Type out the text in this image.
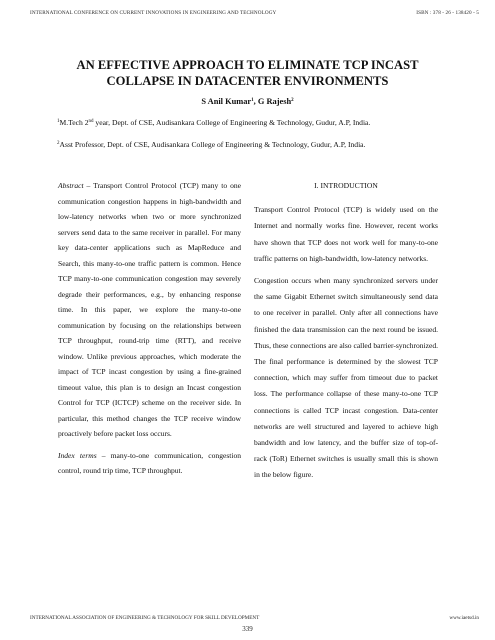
INTERNATIONAL CONFERENCE ON CURRENT INNOVATIONS IN ENGINEERING AND TECHNOLOGY	ISBN : 378 - 26 - 138420 - 5
AN EFFECTIVE APPROACH TO ELIMINATE TCP INCAST
COLLAPSE IN DATACENTER ENVIRONMENTS
S Anil Kumar$^1$, G Rajesh$^2$
$^1$M.Tech 2nd year, Dept. of CSE, Audisankara College of Engineering & Technology, Gudur, A.P, India.
$^2$Asst Professor, Dept. of CSE, Audisankara College of Engineering & Technology, Gudur, A.P, India.

Abstract – Transport Control Protocol (TCP) many to one communication congestion happens in high-bandwidth and low-latency networks when two or more synchronized servers send data to the same receiver in parallel. For many key data-center applications such as MapReduce and Search, this many-to-one traffic pattern is common. Hence TCP many-to-one communication congestion may severely degrade their performances, e.g., by enhancing response time. In this paper, we explore the many-to-one communication by focusing on the relationships between TCP throughput, round-trip time (RTT), and receive window. Unlike previous approaches, which moderate the impact of TCP incast congestion by using a fine-grained timeout value, this plan is to design an Incast congestion Control for TCP (ICTCP) scheme on the receiver side. In particular, this method changes the TCP receive window proactively before packet loss occurs.

Index terms – many-to-one communication, congestion control, round trip time, TCP throughput.

I. INTRODUCTION

Transport Control Protocol (TCP) is widely used on the Internet and normally works fine. However, recent works have shown that TCP does not work well for many-to-one traffic patterns on high-bandwidth, low-latency networks.

Congestion occurs when many synchronized servers under the same Gigabit Ethernet switch simultaneously send data to one receiver in parallel. Only after all connections have finished the data transmission can the next round be issued. Thus, these connections are also called barrier-synchronized. The final performance is determined by the slowest TCP connection, which may suffer from timeout due to packet loss. The performance collapse of these many-to-one TCP connections is called TCP incast congestion. Data-center networks are well structured and layered to achieve high bandwidth and low latency, and the buffer size of top-of-rack (ToR) Ethernet switches is usually small this is shown in the below figure.

INTERNATIONAL ASSOCIATION OF ENGINEERING & TECHNOLOGY FOR SKILL DEVELOPMENT	www.iaetsd.in
339
